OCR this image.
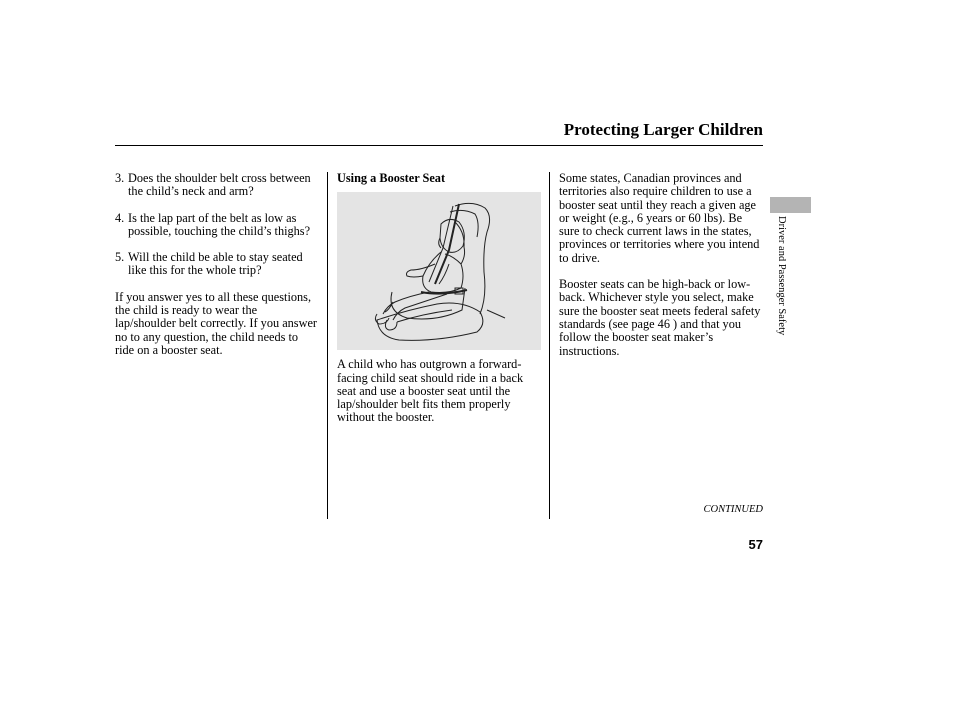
Protecting Larger Children
3. Does the shoulder belt cross between the child’s neck and arm?
4. Is the lap part of the belt as low as possible, touching the child’s thighs?
5. Will the child be able to stay seated like this for the whole trip?

If you answer yes to all these questions, the child is ready to wear the lap/shoulder belt correctly. If you answer no to any question, the child needs to ride on a booster seat.

Using a Booster Seat

A child who has outgrown a forward-facing child seat should ride in a back seat and use a booster seat until the lap/shoulder belt fits them properly without the booster.

Some states, Canadian provinces and territories also require children to use a booster seat until they reach a given age or weight (e.g., 6 years or 60 lbs). Be sure to check current laws in the states, provinces or territories where you intend to drive.

Booster seats can be high-back or low-back. Whichever style you select, make sure the booster seat meets federal safety standards (see page 46 ) and that you follow the booster seat maker’s instructions.

Driver and Passenger Safety
CONTINUED
57
